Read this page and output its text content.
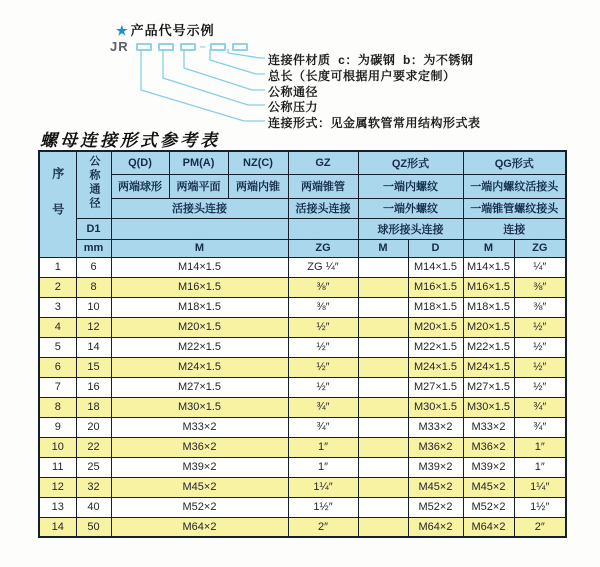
★ 产品代号示例
JR	–
连接件材质  c：为碳钢  b：为不锈钢
总长（长度可根据用户要求定制）
公称通径
公称压力
连接形式：见金属软管常用结构形式表
螺母连接形式参考表
序号	公称通径	Q(D)	PM(A)	NZ(C)	GZ	QZ形式		QG形式	
		两端球形	两端平面	两端内锥	两端锥管	一端内螺纹		一端内螺纹活接头	
		活接头连接			活接头连接	一端外螺纹		一端锥管螺纹接头	
	D1					球形接头连接		连接	
	mm	M			ZG	M	D	M	ZG
1	6	M14×1.5			ZG ¼″		M14×1.5	M14×1.5	¼″
2	8	M16×1.5			⅜″		M16×1.5	M16×1.5	⅜″
3	10	M18×1.5			⅜″		M18×1.5	M18×1.5	⅜″
4	12	M20×1.5			½″		M20×1.5	M20×1.5	½″
5	14	M22×1.5			½″		M22×1.5	M22×1.5	½″
6	15	M24×1.5			½″		M24×1.5	M24×1.5	½″
7	16	M27×1.5			½″		M27×1.5	M27×1.5	½″
8	18	M30×1.5			¾″		M30×1.5	M30×1.5	¾″
9	20	M33×2			¾″		M33×2	M33×2	¾″
10	22	M36×2			1″		M36×2	M36×2	1″
11	25	M39×2			1″		M39×2	M39×2	1″
12	32	M45×2			1¼″		M45×2	M45×2	1¼″
13	40	M52×2			1½″		M52×2	M52×2	1½″
14	50	M64×2			2″		M64×2	M64×2	2″
